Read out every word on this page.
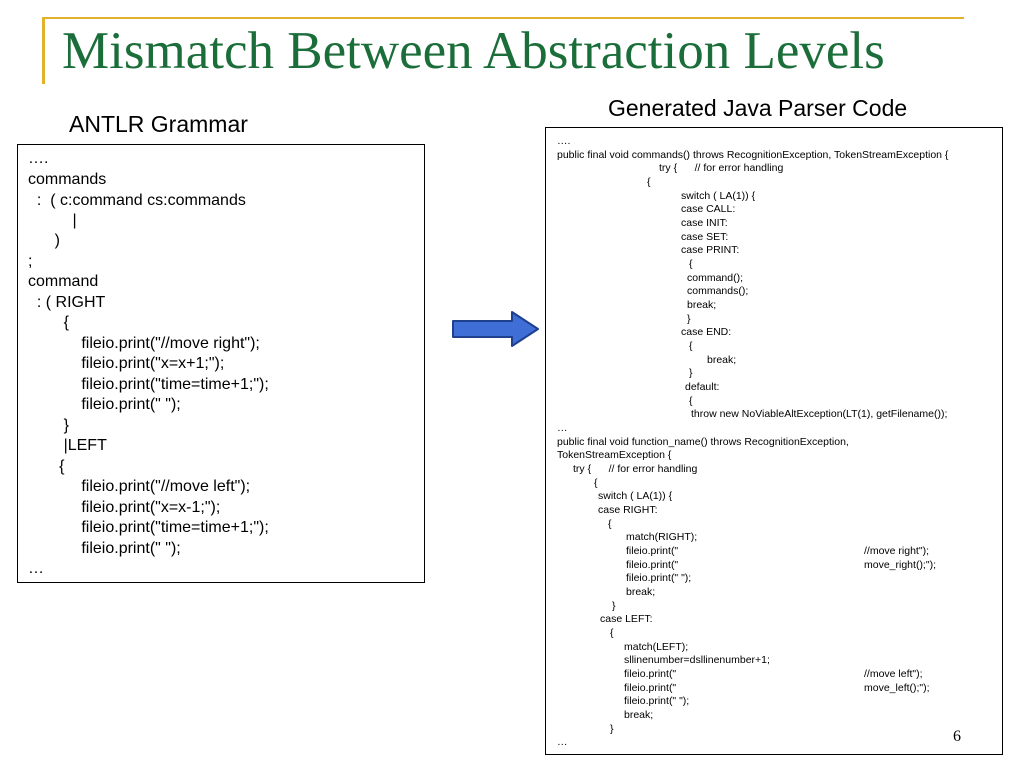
Mismatch Between Abstraction Levels
ANTLR Grammar
Generated Java Parser Code
….
commands
:  ( c:command cs:commands
|
)
;
command
: ( RIGHT
{
fileio.print("//move right");
fileio.print("x=x+1;");
fileio.print("time=time+1;");
fileio.print(" ");
}
|LEFT
{
fileio.print("//move left");
fileio.print("x=x-1;");
fileio.print("time=time+1;");
fileio.print(" ");
…
….
public final void commands() throws RecognitionException, TokenStreamException {
try {      // for error handling
{
switch ( LA(1)) {
case CALL:
case INIT:
case SET:
case PRINT:
{
command();
commands();
break;
}
case END:
{
break;
}
default:
{
throw new NoViableAltException(LT(1), getFilename());
…
public final void function_name() throws RecognitionException,
TokenStreamException {
try {      // for error handling
{
switch ( LA(1)) {
case RIGHT:
{
match(RIGHT);
fileio.print("	//move right");
fileio.print("	move_right();");
fileio.print(" ");
break;
}
case LEFT:
{
match(LEFT);
sllinenumber=dsllinenumber+1;
fileio.print("	//move left");
fileio.print("	move_left();");
fileio.print(" ");
break;
}
…	6
